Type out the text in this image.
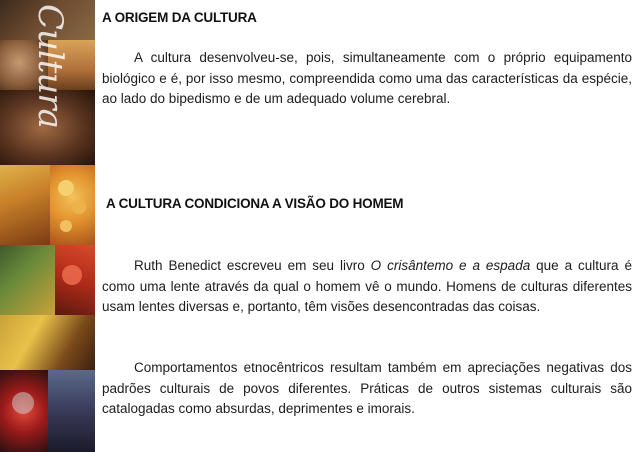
Cultura A ORIGEM DA CULTURA

A cultura desenvolveu-se, pois, simultaneamente com o próprio equipamento biológico e é, por isso mesmo, compreendida como uma das características da espécie, ao lado do bipedismo e de um adequado volume cerebral.

A CULTURA CONDICIONA A VISÃO DO HOMEM

Ruth Benedict escreveu em seu livro O crisântemo e a espada que a cultura é como uma lente através da qual o homem vê o mundo. Homens de culturas diferentes usam lentes diversas e, portanto, têm visões desencontradas das coisas.

Comportamentos etnocêntricos resultam também em apreciações negativas dos padrões culturais de povos diferentes. Práticas de outros sistemas culturais são catalogadas como absurdas, deprimentes e imorais.
